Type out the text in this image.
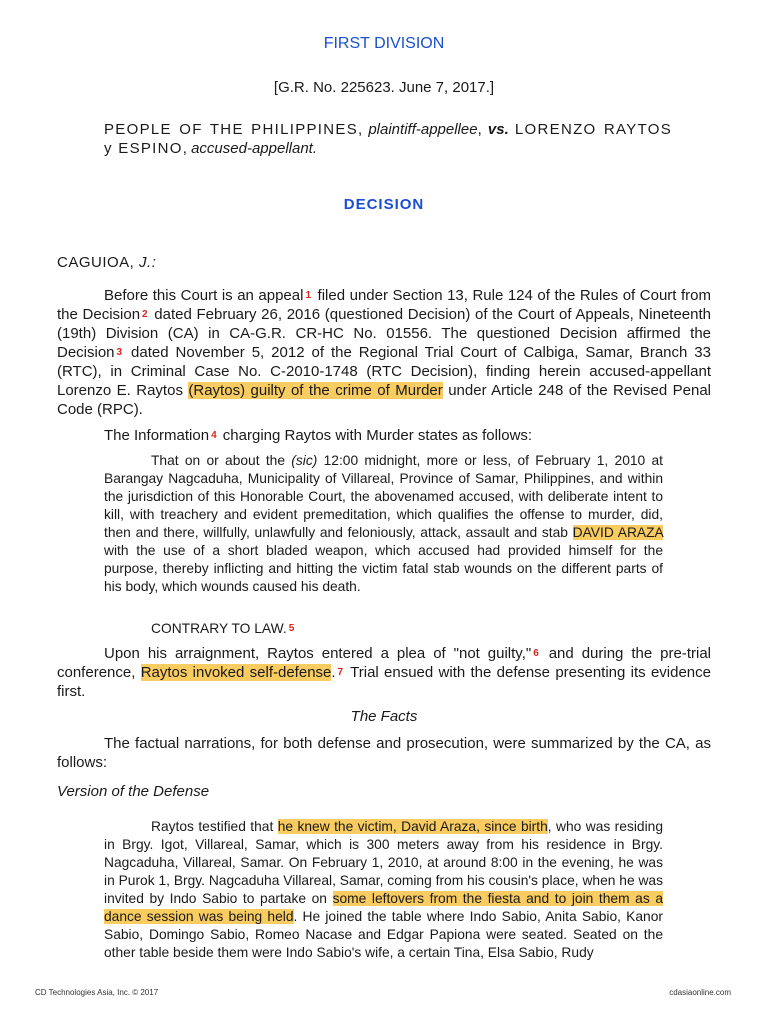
FIRST DIVISION
[G.R. No. 225623. June 7, 2017.]
PEOPLE OF THE PHILIPPINES, plaintiff-appellee, vs. LORENZO RAYTOS y ESPINO, accused-appellant.
DECISION
CAGUIOA, J.:
Before this Court is an appeal 1 filed under Section 13, Rule 124 of the Rules of Court from the Decision 2 dated February 26, 2016 (questioned Decision) of the Court of Appeals, Nineteenth (19th) Division (CA) in CA-G.R. CR-HC No. 01556. The questioned Decision affirmed the Decision 3 dated November 5, 2012 of the Regional Trial Court of Calbiga, Samar, Branch 33 (RTC), in Criminal Case No. C-2010-1748 (RTC Decision), finding herein accused-appellant Lorenzo E. Raytos (Raytos) guilty of the crime of Murder under Article 248 of the Revised Penal Code (RPC).
The Information 4 charging Raytos with Murder states as follows:
That on or about the (sic) 12:00 midnight, more or less, of February 1, 2010 at Barangay Nagcaduha, Municipality of Villareal, Province of Samar, Philippines, and within the jurisdiction of this Honorable Court, the abovenamed accused, with deliberate intent to kill, with treachery and evident premeditation, which qualifies the offense to murder, did, then and there, willfully, unlawfully and feloniously, attack, assault and stab DAVID ARAZA with the use of a short bladed weapon, which accused had provided himself for the purpose, thereby inflicting and hitting the victim fatal stab wounds on the different parts of his body, which wounds caused his death.
CONTRARY TO LAW. 5
Upon his arraignment, Raytos entered a plea of "not guilty," 6 and during the pre-trial conference, Raytos invoked self-defense. 7 Trial ensued with the defense presenting its evidence first.
The Facts
The factual narrations, for both defense and prosecution, were summarized by the CA, as follows:
Version of the Defense
Raytos testified that he knew the victim, David Araza, since birth, who was residing in Brgy. Igot, Villareal, Samar, which is 300 meters away from his residence in Brgy. Nagcaduha, Villareal, Samar. On February 1, 2010, at around 8:00 in the evening, he was in Purok 1, Brgy. Nagcaduha Villareal, Samar, coming from his cousin's place, when he was invited by Indo Sabio to partake on some leftovers from the fiesta and to join them as a dance session was being held. He joined the table where Indo Sabio, Anita Sabio, Kanor Sabio, Domingo Sabio, Romeo Nacase and Edgar Papiona were seated. Seated on the other table beside them were Indo Sabio's wife, a certain Tina, Elsa Sabio, Rudy
CD Technologies Asia, Inc. © 2017	cdasiaonline.com
